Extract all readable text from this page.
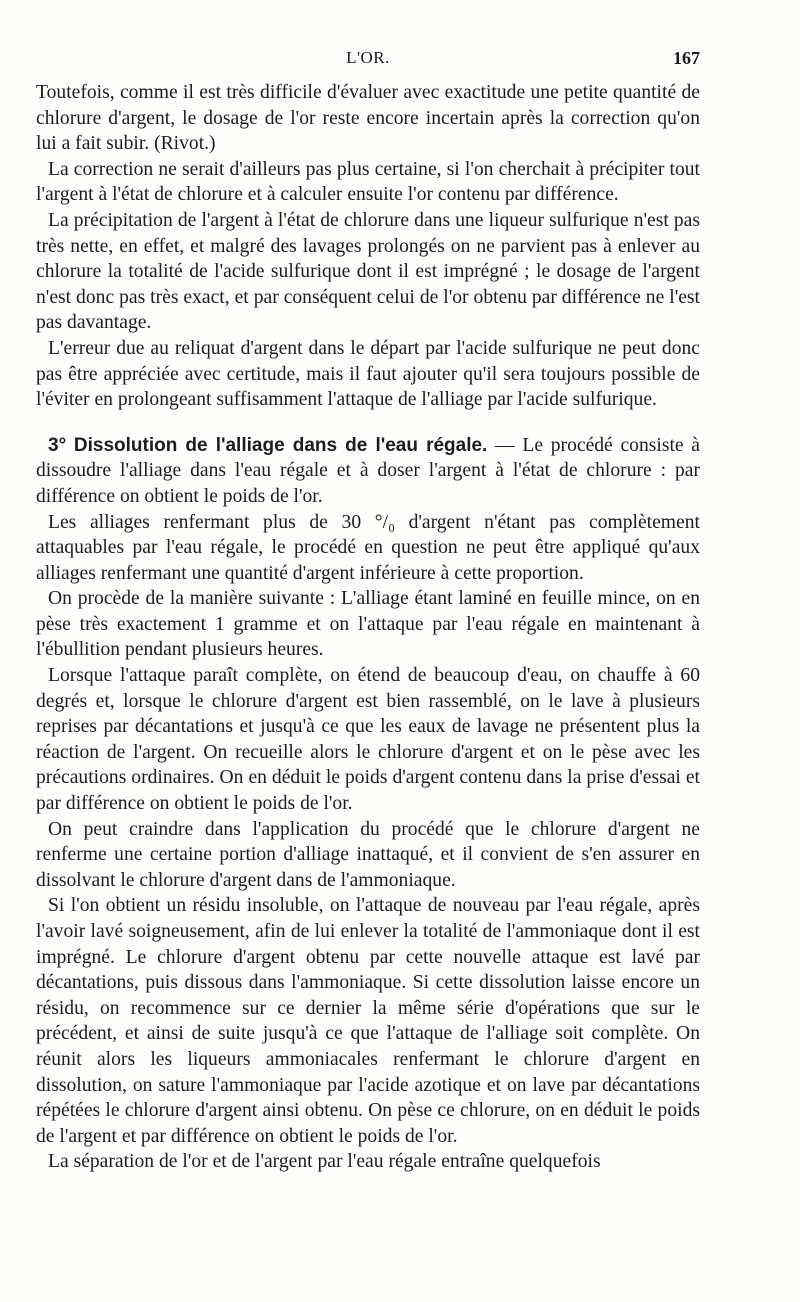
L'OR.	167

Toutefois, comme il est très difficile d'évaluer avec exactitude une petite quantité de chlorure d'argent, le dosage de l'or reste encore incertain après la correction qu'on lui a fait subir. (Rivot.)

La correction ne serait d'ailleurs pas plus certaine, si l'on cherchait à précipiter tout l'argent à l'état de chlorure et à calculer ensuite l'or contenu par différence.

La précipitation de l'argent à l'état de chlorure dans une liqueur sulfurique n'est pas très nette, en effet, et malgré des lavages prolongés on ne parvient pas à enlever au chlorure la totalité de l'acide sulfurique dont il est imprégné ; le dosage de l'argent n'est donc pas très exact, et par conséquent celui de l'or obtenu par différence ne l'est pas davantage.

L'erreur due au reliquat d'argent dans le départ par l'acide sulfurique ne peut donc pas être appréciée avec certitude, mais il faut ajouter qu'il sera toujours possible de l'éviter en prolongeant suffisamment l'attaque de l'alliage par l'acide sulfurique.

3° Dissolution de l'alliage dans de l'eau régale. — Le procédé consiste à dissoudre l'alliage dans l'eau régale et à doser l'argent à l'état de chlorure : par différence on obtient le poids de l'or.

Les alliages renfermant plus de 30 °/₀ d'argent n'étant pas complètement attaquables par l'eau régale, le procédé en question ne peut être appliqué qu'aux alliages renfermant une quantité d'argent inférieure à cette proportion.

On procède de la manière suivante : L'alliage étant laminé en feuille mince, on en pèse très exactement 1 gramme et on l'attaque par l'eau régale en maintenant à l'ébullition pendant plusieurs heures.

Lorsque l'attaque paraît complète, on étend de beaucoup d'eau, on chauffe à 60 degrés et, lorsque le chlorure d'argent est bien rassemblé, on le lave à plusieurs reprises par décantations et jusqu'à ce que les eaux de lavage ne présentent plus la réaction de l'argent. On recueille alors le chlorure d'argent et on le pèse avec les précautions ordinaires. On en déduit le poids d'argent contenu dans la prise d'essai et par différence on obtient le poids de l'or.

On peut craindre dans l'application du procédé que le chlorure d'argent ne renferme une certaine portion d'alliage inattaqué, et il convient de s'en assurer en dissolvant le chlorure d'argent dans de l'ammoniaque.

Si l'on obtient un résidu insoluble, on l'attaque de nouveau par l'eau régale, après l'avoir lavé soigneusement, afin de lui enlever la totalité de l'ammoniaque dont il est imprégné. Le chlorure d'argent obtenu par cette nouvelle attaque est lavé par décantations, puis dissous dans l'ammoniaque. Si cette dissolution laisse encore un résidu, on recommence sur ce dernier la même série d'opérations que sur le précédent, et ainsi de suite jusqu'à ce que l'attaque de l'alliage soit complète. On réunit alors les liqueurs ammoniacales renfermant le chlorure d'argent en dissolution, on sature l'ammoniaque par l'acide azotique et on lave par décantations répétées le chlorure d'argent ainsi obtenu. On pèse ce chlorure, on en déduit le poids de l'argent et par différence on obtient le poids de l'or.

La séparation de l'or et de l'argent par l'eau régale entraîne quelquefois
